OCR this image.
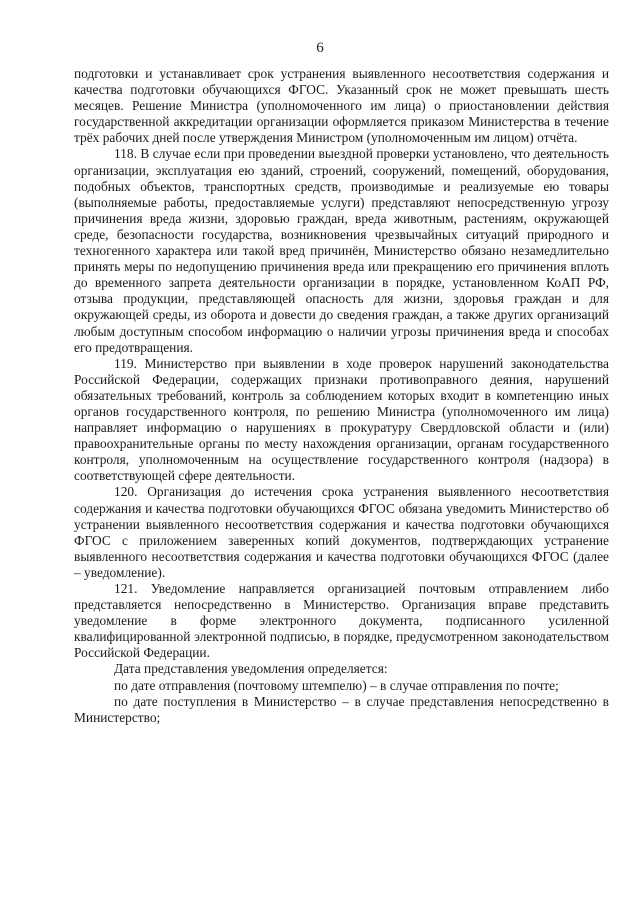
6

подготовки и устанавливает срок устранения выявленного несоответствия содержания и качества подготовки обучающихся ФГОС. Указанный срок не может превышать шесть месяцев. Решение Министра (уполномоченного им лица) о приостановлении действия государственной аккредитации организации оформляется приказом Министерства в течение трёх рабочих дней после утверждения Министром (уполномоченным им лицом) отчёта.

118. В случае если при проведении выездной проверки установлено, что деятельность организации, эксплуатация ею зданий, строений, сооружений, помещений, оборудования, подобных объектов, транспортных средств, производимые и реализуемые ею товары (выполняемые работы, предоставляемые услуги) представляют непосредственную угрозу причинения вреда жизни, здоровью граждан, вреда животным, растениям, окружающей среде, безопасности государства, возникновения чрезвычайных ситуаций природного и техногенного характера или такой вред причинён, Министерство обязано незамедлительно принять меры по недопущению причинения вреда или прекращению его причинения вплоть до временного запрета деятельности организации в порядке, установленном КоАП РФ, отзыва продукции, представляющей опасность для жизни, здоровья граждан и для окружающей среды, из оборота и довести до сведения граждан, а также других организаций любым доступным способом информацию о наличии угрозы причинения вреда и способах его предотвращения.

119. Министерство при выявлении в ходе проверок нарушений законодательства Российской Федерации, содержащих признаки противоправного деяния, нарушений обязательных требований, контроль за соблюдением которых входит в компетенцию иных органов государственного контроля, по решению Министра (уполномоченного им лица) направляет информацию о нарушениях в прокуратуру Свердловской области и (или) правоохранительные органы по месту нахождения организации, органам государственного контроля, уполномоченным на осуществление государственного контроля (надзора) в соответствующей сфере деятельности.

120. Организация до истечения срока устранения выявленного несоответствия содержания и качества подготовки обучающихся ФГОС обязана уведомить Министерство об устранении выявленного несоответствия содержания и качества подготовки обучающихся ФГОС с приложением заверенных копий документов, подтверждающих устранение выявленного несоответствия содержания и качества подготовки обучающихся ФГОС (далее – уведомление).

121. Уведомление направляется организацией почтовым отправлением либо представляется непосредственно в Министерство. Организация вправе представить уведомление в форме электронного документа, подписанного усиленной квалифицированной электронной подписью, в порядке, предусмотренном законодательством Российской Федерации.

Дата представления уведомления определяется:

по дате отправления (почтовому штемпелю) – в случае отправления по почте;

по дате поступления в Министерство – в случае представления непосредственно в Министерство;
